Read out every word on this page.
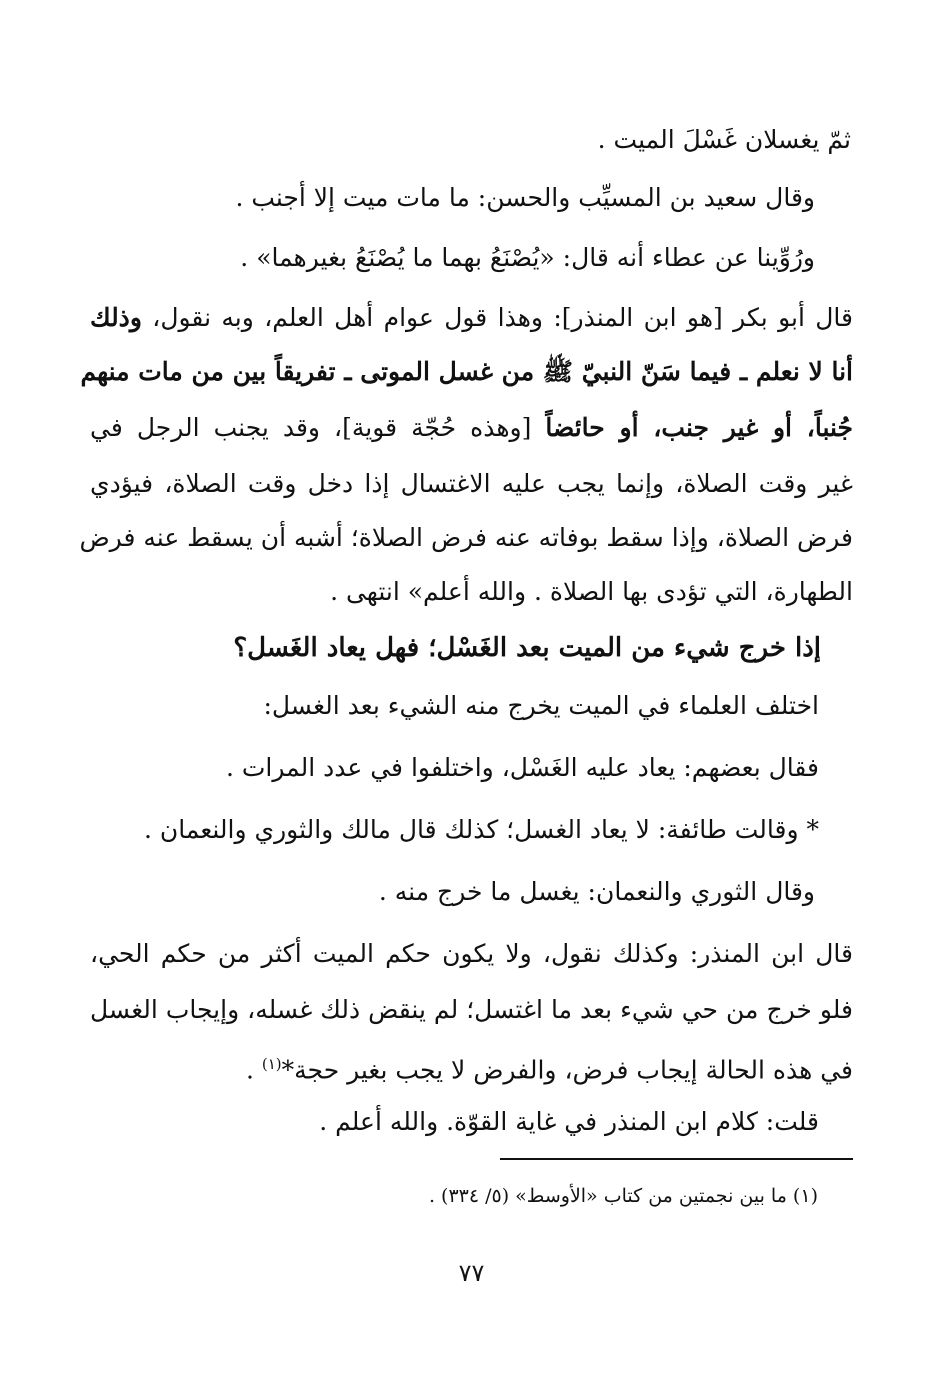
ثمّ يغسلان غَسْلَ الميت .
وقال سعيد بن المسيِّب والحسن: ما مات ميت إلا أجنب .
ورُوِّينا عن عطاء أنه قال: «يُصْنَعُ بهما ما يُصْنَعُ بغيرهما» .
قال أبو بكر [هو ابن المنذر]: وهذا قول عوام أهل العلم، وبه نقول، وذلك
أنا لا نعلم ـ فيما سَنّ النبيّ ﷺ من غسل الموتى ـ تفريقاً بين من مات منهم
جُنباً، أو غير جنب، أو حائضاً [وهذه حُجّة قوية]، وقد يجنب الرجل في
غير وقت الصلاة، وإنما يجب عليه الاغتسال إذا دخل وقت الصلاة، فيؤدي
فرض الصلاة، وإذا سقط بوفاته عنه فرض الصلاة؛ أشبه أن يسقط عنه فرض
الطهارة، التي تؤدى بها الصلاة . والله أعلم» انتهى .
إذا خرج شيء من الميت بعد الغَسْل؛ فهل يعاد الغَسل؟
اختلف العلماء في الميت يخرج منه الشيء بعد الغسل:
فقال بعضهم: يعاد عليه الغَسْل، واختلفوا في عدد المرات .
* وقالت طائفة: لا يعاد الغسل؛ كذلك قال مالك والثوري والنعمان .
وقال الثوري والنعمان: يغسل ما خرج منه .
قال ابن المنذر: وكذلك نقول، ولا يكون حكم الميت أكثر من حكم الحي،
فلو خرج من حي شيء بعد ما اغتسل؛ لم ينقض ذلك غسله، وإيجاب الغسل
في هذه الحالة إيجاب فرض، والفرض لا يجب بغير حجة*$^{(١)}$ .
قلت: كلام ابن المنذر في غاية القوّة. والله أعلم .
(١) ما بين نجمتين من كتاب «الأوسط» (٥/ ٣٣٤) .
٧٧
